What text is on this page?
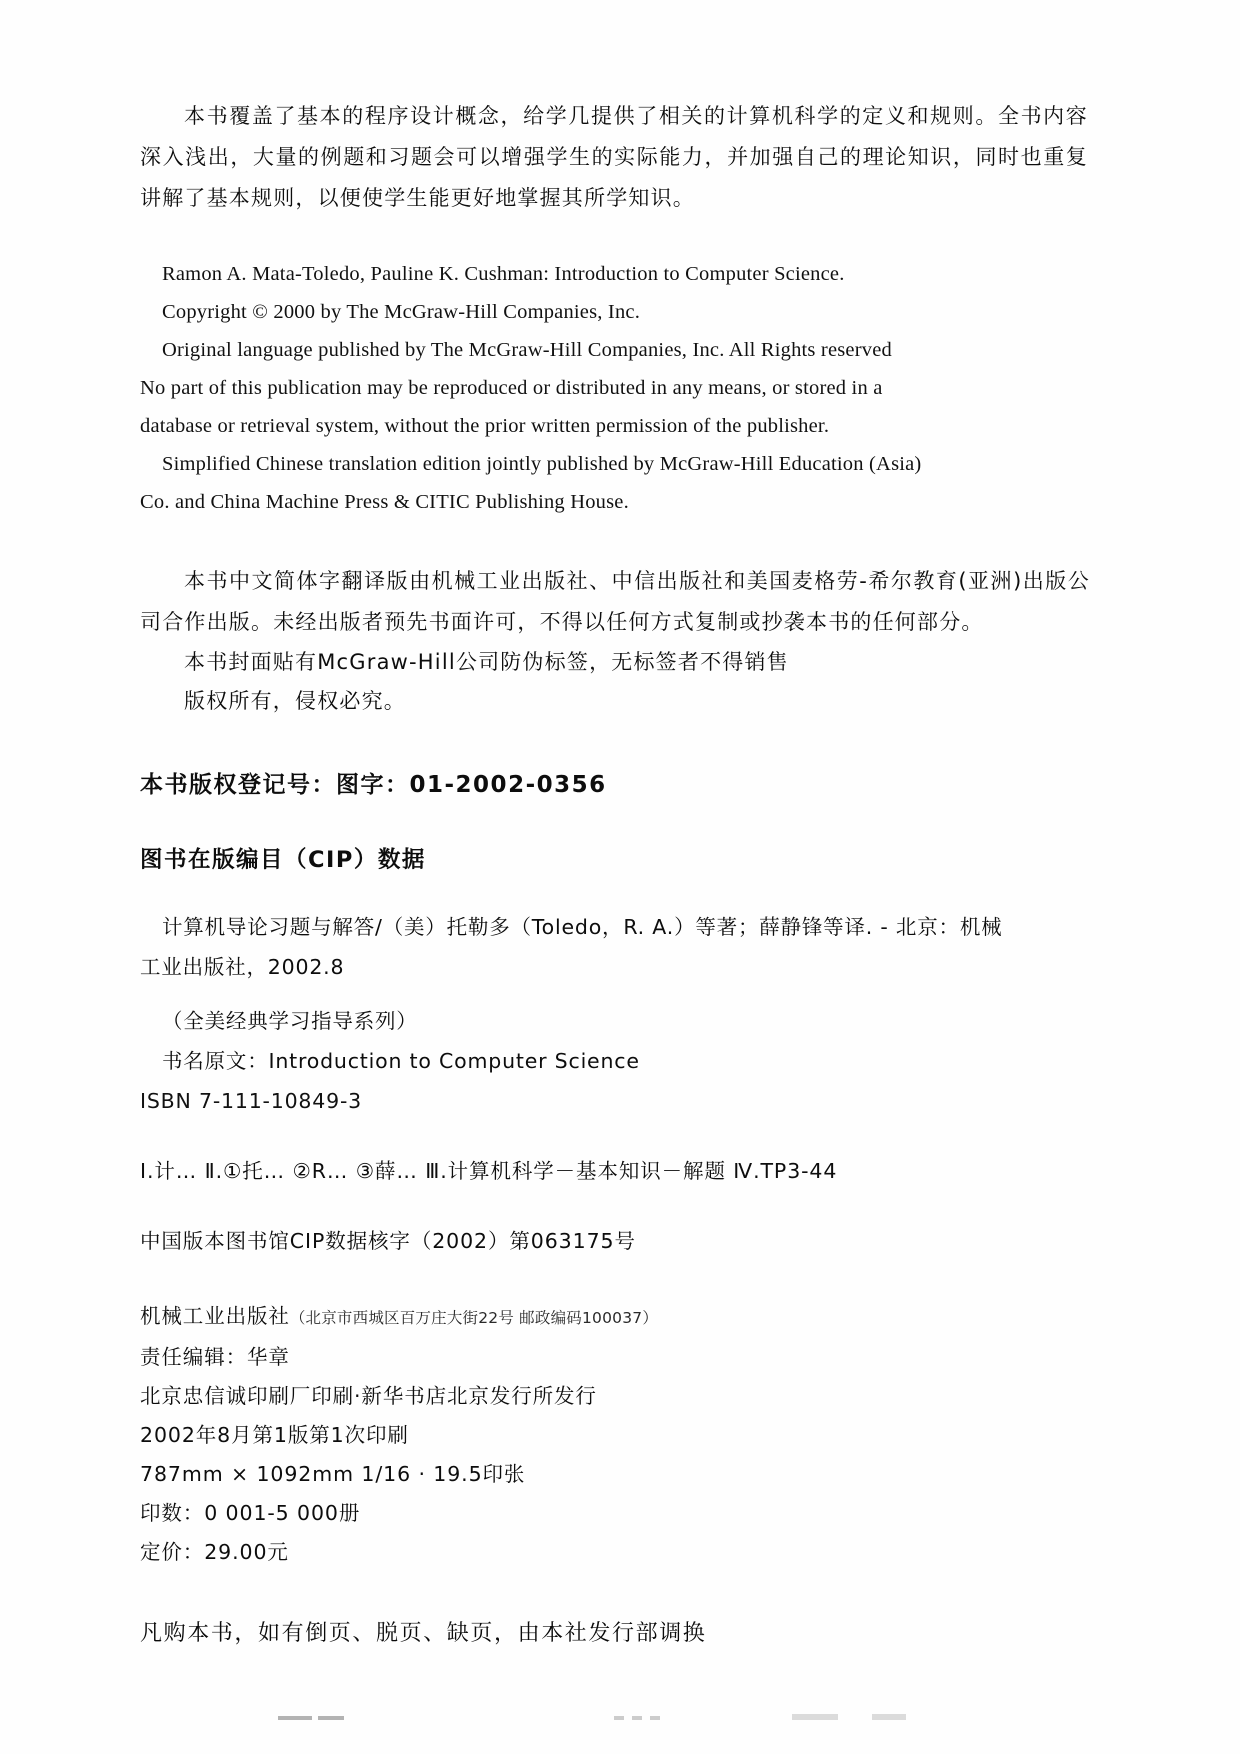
本书覆盖了基本的程序设计概念，给学几提供了相关的计算机科学的定义和规则。全书内容深入浅出，大量的例题和习题会可以增强学生的实际能力，并加强自己的理论知识，同时也重复讲解了基本规则，以便使学生能更好地掌握其所学知识。
Ramon A. Mata-Toledo, Pauline K. Cushman: Introduction to Computer Science.
Copyright © 2000 by The McGraw-Hill Companies, Inc.
Original language published by The McGraw-Hill Companies, Inc. All Rights reserved
No part of this publication may be reproduced or distributed in any means, or stored in a
database or retrieval system, without the prior written permission of the publisher.
Simplified Chinese translation edition jointly published by McGraw-Hill Education (Asia)
Co. and China Machine Press & CITIC Publishing House.
本书中文简体字翻译版由机械工业出版社、中信出版社和美国麦格劳-希尔教育(亚洲)出版公司合作出版。未经出版者预先书面许可，不得以任何方式复制或抄袭本书的任何部分。
本书封面贴有McGraw-Hill公司防伪标签，无标签者不得销售
版权所有，侵权必究。
本书版权登记号：图字：01-2002-0356
图书在版编目（CIP）数据
计算机导论习题与解答/（美）托勒多（Toledo，R. A.）等著；薛静锋等译. - 北京：机械
工业出版社，2002.8
（全美经典学习指导系列）
书名原文：Introduction to Computer Science
ISBN 7-111-10849-3
Ⅰ.计… Ⅱ.①托… ②R… ③薛… Ⅲ.计算机科学－基本知识－解题 Ⅳ.TP3-44
中国版本图书馆CIP数据核字（2002）第063175号
机械工业出版社（北京市西城区百万庄大街22号 邮政编码100037）
责任编辑：华章
北京忠信诚印刷厂印刷·新华书店北京发行所发行
2002年8月第1版第1次印刷
787mm × 1092mm 1/16 · 19.5印张
印数：0 001-5 000册
定价：29.00元
凡购本书，如有倒页、脱页、缺页，由本社发行部调换
